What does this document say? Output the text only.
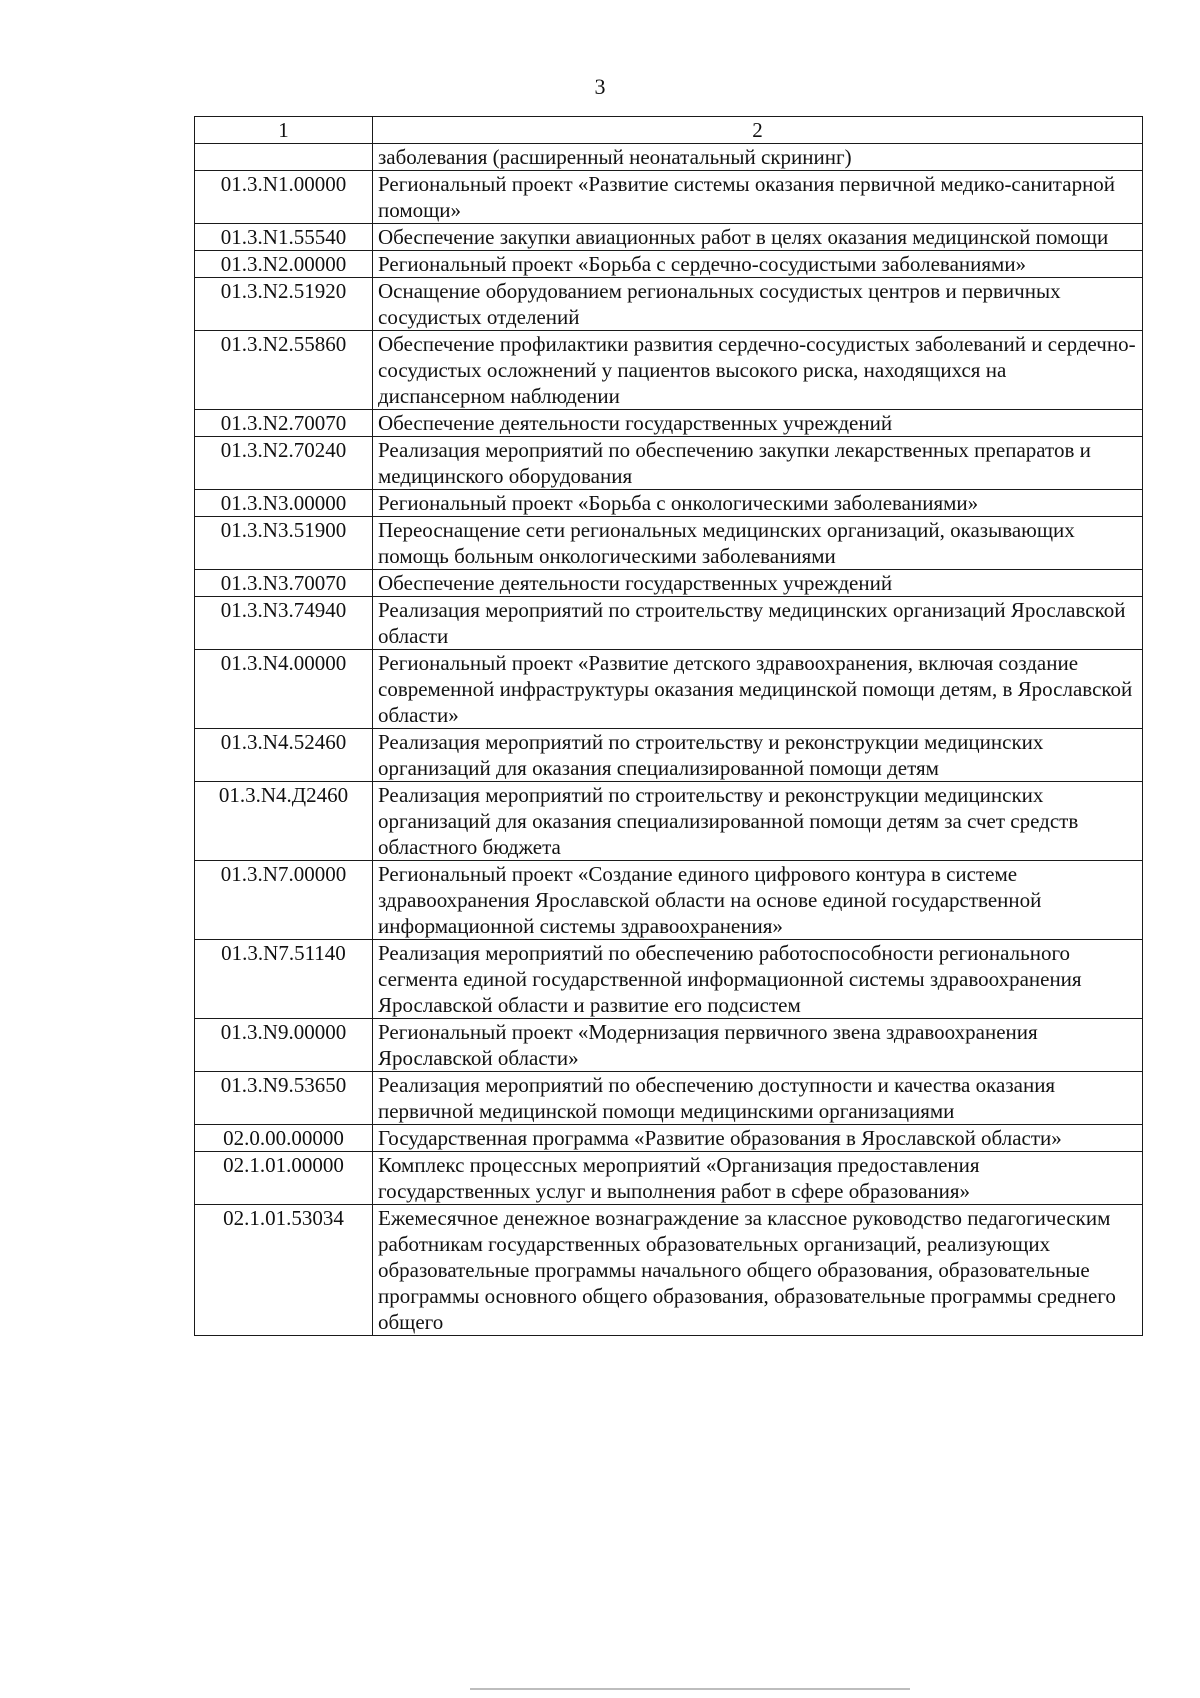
3
1	2
	заболевания (расширенный неонатальный скрининг)
01.3.N1.00000	Региональный проект «Развитие системы оказания первичной медико-санитарной помощи»
01.3.N1.55540	Обеспечение закупки авиационных работ в целях оказания медицинской помощи
01.3.N2.00000	Региональный проект «Борьба с сердечно-сосудистыми заболеваниями»
01.3.N2.51920	Оснащение оборудованием региональных сосудистых центров и первичных сосудистых отделений
01.3.N2.55860	Обеспечение профилактики развития сердечно-сосудистых заболеваний и сердечно-сосудистых осложнений у пациентов высокого риска, находящихся на диспансерном наблюдении
01.3.N2.70070	Обеспечение деятельности государственных учреждений
01.3.N2.70240	Реализация мероприятий по обеспечению закупки лекарственных препаратов и медицинского оборудования
01.3.N3.00000	Региональный проект «Борьба с онкологическими заболеваниями»
01.3.N3.51900	Переоснащение сети региональных медицинских организаций, оказывающих помощь больным онкологическими заболеваниями
01.3.N3.70070	Обеспечение деятельности государственных учреждений
01.3.N3.74940	Реализация мероприятий по строительству медицинских организаций Ярославской области
01.3.N4.00000	Региональный проект «Развитие детского здравоохранения, включая создание современной инфраструктуры оказания медицинской помощи детям, в Ярославской области»
01.3.N4.52460	Реализация мероприятий по строительству и реконструкции медицинских организаций для оказания специализированной помощи детям
01.3.N4.Д2460	Реализация мероприятий по строительству и реконструкции медицинских организаций для оказания специализированной помощи детям за счет средств областного бюджета
01.3.N7.00000	Региональный проект «Создание единого цифрового контура в системе здравоохранения Ярославской области на основе единой государственной информационной системы здравоохранения»
01.3.N7.51140	Реализация мероприятий по обеспечению работоспособности регионального сегмента единой государственной информационной системы здравоохранения Ярославской области и развитие его подсистем
01.3.N9.00000	Региональный проект «Модернизация первичного звена здравоохранения Ярославской области»
01.3.N9.53650	Реализация мероприятий по обеспечению доступности и качества оказания первичной медицинской помощи медицинскими организациями
02.0.00.00000	Государственная программа «Развитие образования в Ярославской области»
02.1.01.00000	Комплекс процессных мероприятий «Организация предоставления государственных услуг и выполнения работ в сфере образования»
02.1.01.53034	Ежемесячное денежное вознаграждение за классное руководство педагогическим работникам государственных образовательных организаций, реализующих образовательные программы начального общего образования, образовательные программы основного общего образования, образовательные программы среднего общего
